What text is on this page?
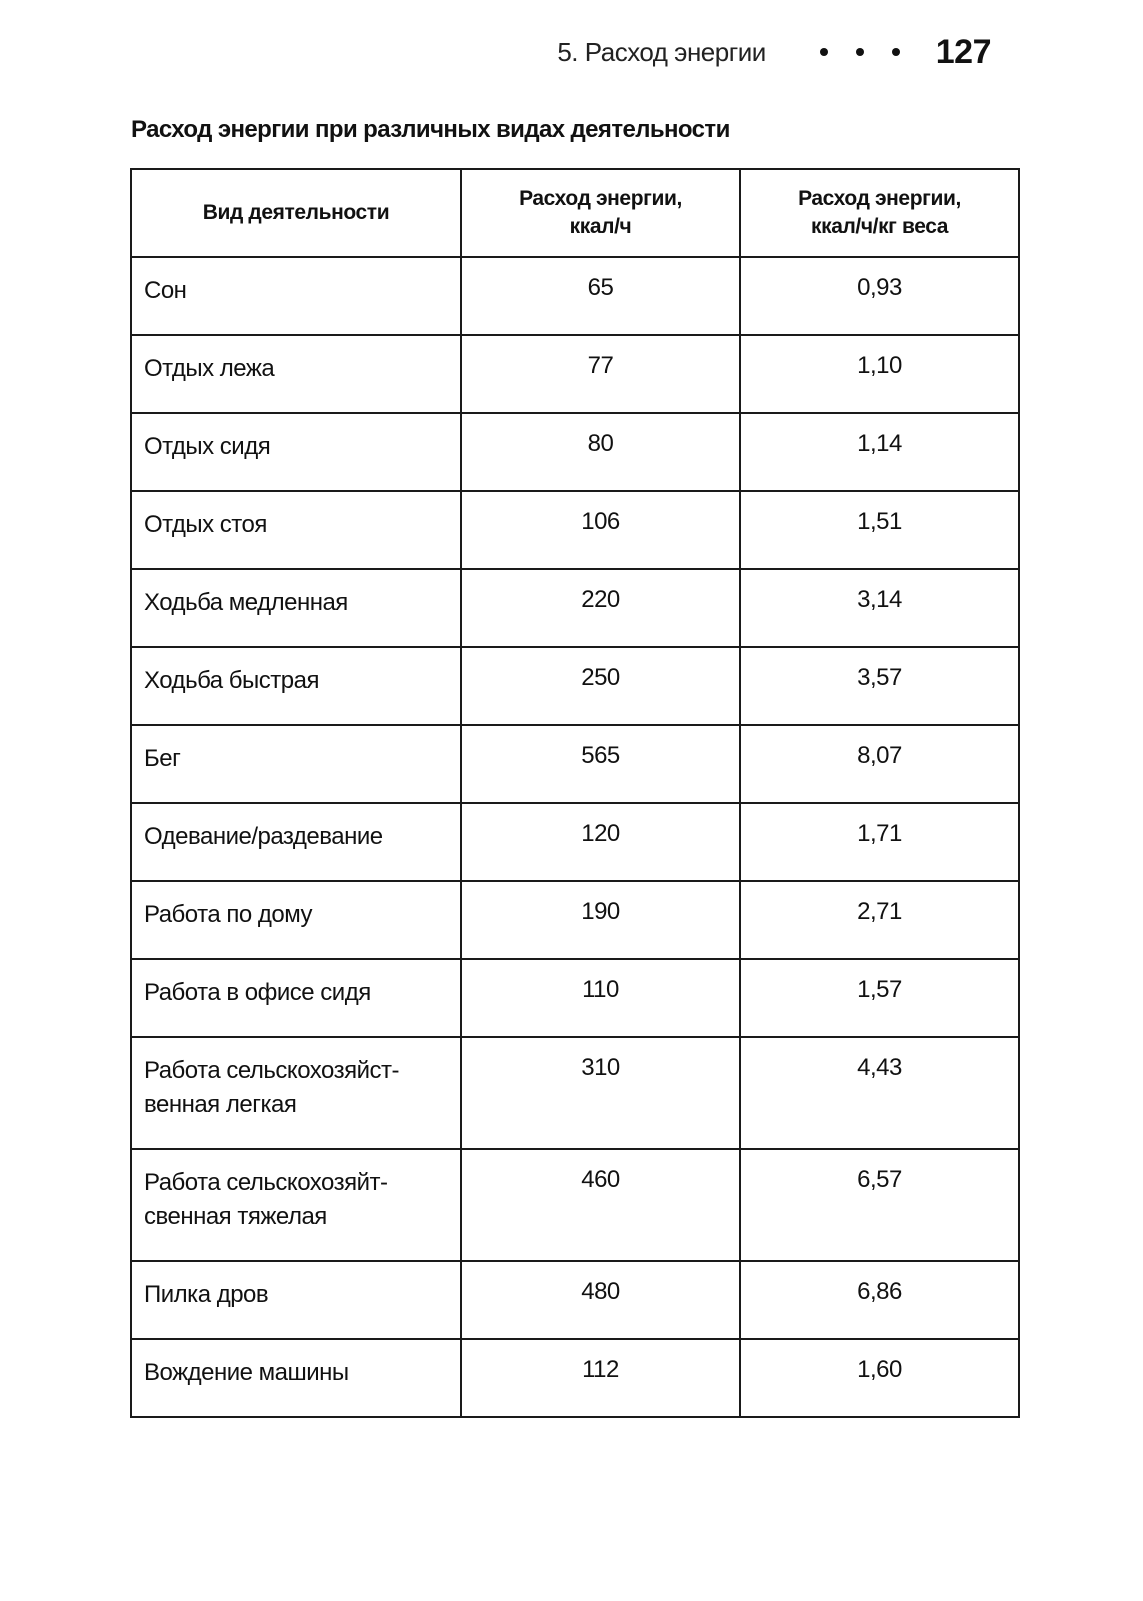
5. Расход энергии	127
Расход энергии при различных видах деятельности
Вид деятельности	Расход энергии, ккал/ч	Расход энергии, ккал/ч/кг веса
Сон	65	0,93
Отдых лежа	77	1,10
Отдых сидя	80	1,14
Отдых стоя	106	1,51
Ходьба медленная	220	3,14
Ходьба быстрая	250	3,57
Бег	565	8,07
Одевание/раздевание	120	1,71
Работа по дому	190	2,71
Работа в офисе сидя	110	1,57

Работа сельскохозяйст-венная легкая	310	4,43

Работа сельскохозяйт-свенная тяжелая	460	6,57
Пилка дров	480	6,86
Вождение машины	112	1,60
